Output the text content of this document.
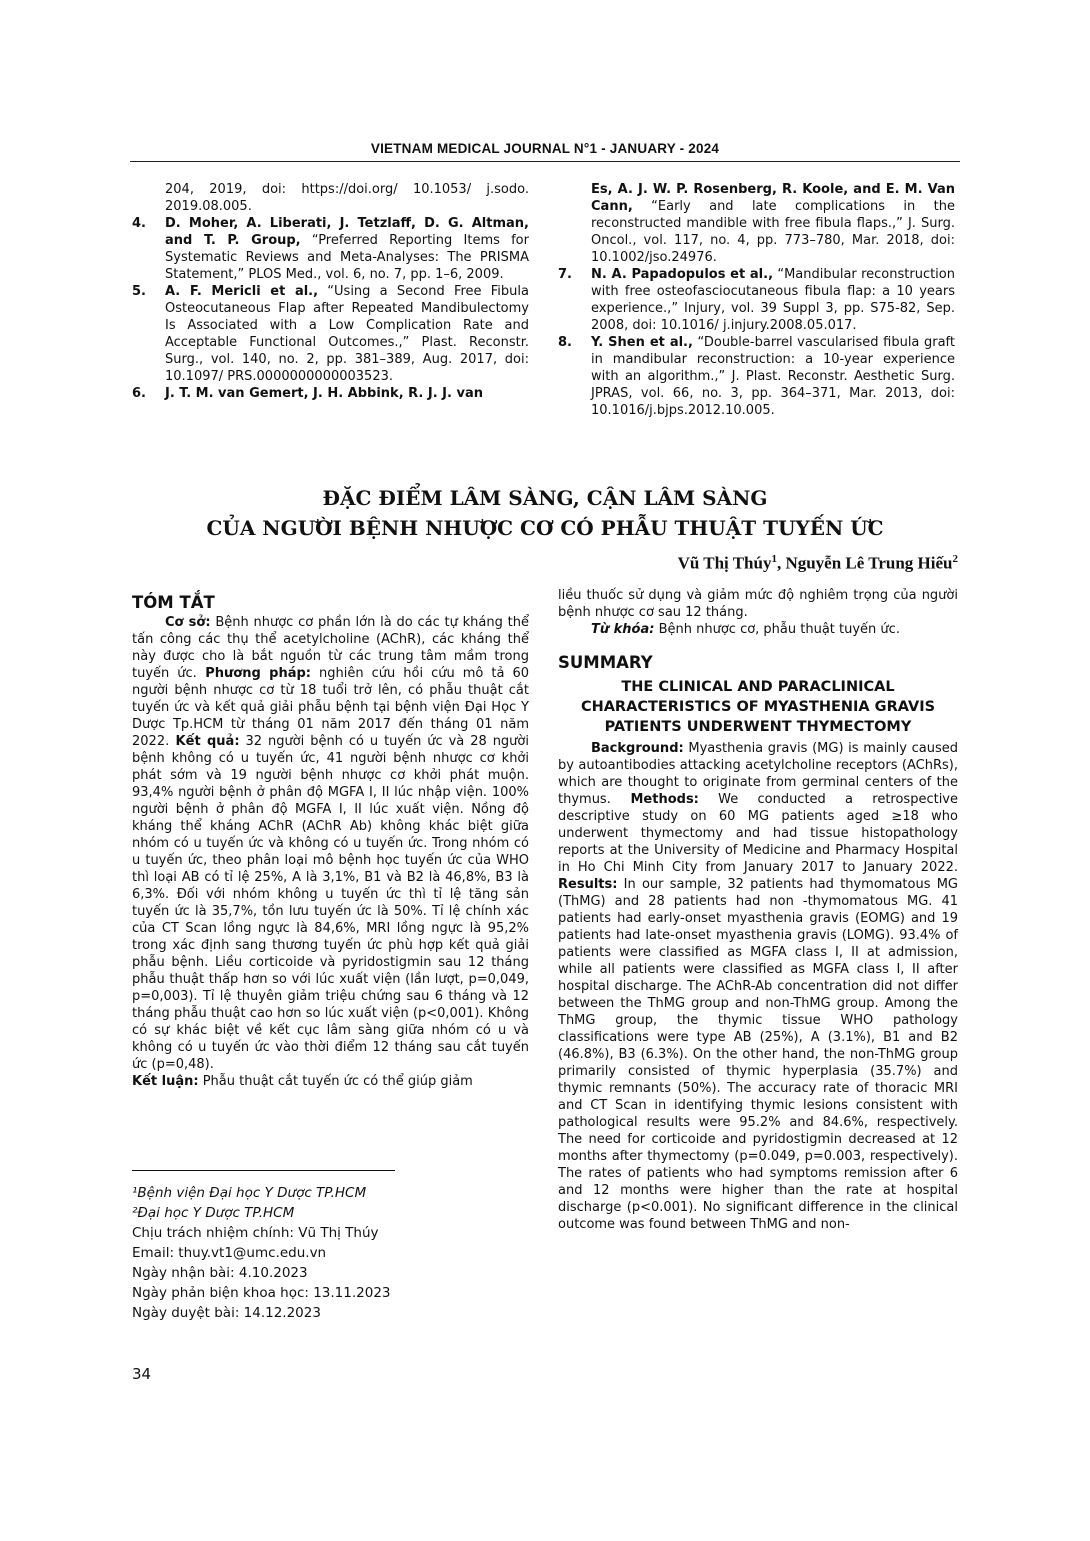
VIETNAM MEDICAL JOURNAL N°1 - JANUARY - 2024
204, 2019, doi: https://doi.org/ 10.1053/ j.sodo. 2019.08.005.
4.	D. Moher, A. Liberati, J. Tetzlaff, D. G. Altman, and T. P. Group, “Preferred Reporting Items for Systematic Reviews and Meta-Analyses: The PRISMA Statement,” PLOS Med., vol. 6, no. 7, pp. 1–6, 2009.
5.	A. F. Mericli et al., “Using a Second Free Fibula Osteocutaneous Flap after Repeated Mandibulectomy Is Associated with a Low Complication Rate and Acceptable Functional Outcomes.,” Plast. Reconstr. Surg., vol. 140, no. 2, pp. 381–389, Aug. 2017, doi: 10.1097/ PRS.0000000000003523.
6.	J. T. M. van Gemert, J. H. Abbink, R. J. J. van
Es, A. J. W. P. Rosenberg, R. Koole, and E. M. Van Cann, “Early and late complications in the reconstructed mandible with free fibula flaps.,” J. Surg. Oncol., vol. 117, no. 4, pp. 773–780, Mar. 2018, doi: 10.1002/jso.24976.
7.	N. A. Papadopulos et al., “Mandibular reconstruction with free osteofasciocutaneous fibula flap: a 10 years experience.,” Injury, vol. 39 Suppl 3, pp. S75-82, Sep. 2008, doi: 10.1016/ j.injury.2008.05.017.
8.	Y. Shen et al., “Double-barrel vascularised fibula graft in mandibular reconstruction: a 10-year experience with an algorithm.,” J. Plast. Reconstr. Aesthetic Surg. JPRAS, vol. 66, no. 3, pp. 364–371, Mar. 2013, doi: 10.1016/j.bjps.2012.10.005.
ĐẶC ĐIỂM LÂM SÀNG, CẬN LÂM SÀNG
CỦA NGƯỜI BỆNH NHƯỢC CƠ CÓ PHẪU THUẬT TUYẾN ỨC
Vũ Thị Thúy$^1$, Nguyễn Lê Trung Hiếu$^2$
TÓM TẮT
Cơ sở: Bệnh nhược cơ phần lớn là do các tự kháng thể tấn công các thụ thể acetylcholine (AChR), các kháng thể này được cho là bắt nguồn từ các trung tâm mầm trong tuyến ức. Phương pháp: nghiên cứu hồi cứu mô tả 60 người bệnh nhược cơ từ 18 tuổi trở lên, có phẫu thuật cắt tuyến ức và kết quả giải phẫu bệnh tại bệnh viện Đại Học Y Dược Tp.HCM từ tháng 01 năm 2017 đến tháng 01 năm 2022. Kết quả: 32 người bệnh có u tuyến ức và 28 người bệnh không có u tuyến ức, 41 người bệnh nhược cơ khởi phát sớm và 19 người bệnh nhược cơ khởi phát muộn. 93,4% người bệnh ở phân độ MGFA I, II lúc nhập viện. 100% người bệnh ở phân độ MGFA I, II lúc xuất viện. Nồng độ kháng thể kháng AChR (AChR Ab) không khác biệt giữa nhóm có u tuyến ức và không có u tuyến ức. Trong nhóm có u tuyến ức, theo phân loại mô bệnh học tuyến ức của WHO thì loại AB có tỉ lệ 25%, A là 3,1%, B1 và B2 là 46,8%, B3 là 6,3%. Đối với nhóm không u tuyến ức thì tỉ lệ tăng sản tuyến ức là 35,7%, tồn lưu tuyến ức là 50%. Tỉ lệ chính xác của CT Scan lồng ngực là 84,6%, MRI lồng ngực là 95,2% trong xác định sang thương tuyến ức phù hợp kết quả giải phẫu bệnh. Liều corticoide và pyridostigmin sau 12 tháng phẫu thuật thấp hơn so với lúc xuất viện (lần lượt, p=0,049, p=0,003). Tỉ lệ thuyên giảm triệu chứng sau 6 tháng và 12 tháng phẫu thuật cao hơn so lúc xuất viện (p<0,001). Không có sự khác biệt về kết cục lâm sàng giữa nhóm có u và không có u tuyến ức vào thời điểm 12 tháng sau cắt tuyến ức (p=0,48).
Kết luận: Phẫu thuật cắt tuyến ức có thể giúp giảm
liều thuốc sử dụng và giảm mức độ nghiêm trọng của người bệnh nhược cơ sau 12 tháng.
Từ khóa: Bệnh nhược cơ, phẫu thuật tuyến ức.
SUMMARY
THE CLINICAL AND PARACLINICAL CHARACTERISTICS OF MYASTHENIA GRAVIS PATIENTS UNDERWENT THYMECTOMY
Background: Myasthenia gravis (MG) is mainly caused by autoantibodies attacking acetylcholine receptors (AChRs), which are thought to originate from germinal centers of the thymus. Methods: We conducted a retrospective descriptive study on 60 MG patients aged ≥18 who underwent thymectomy and had tissue histopathology reports at the University of Medicine and Pharmacy Hospital in Ho Chi Minh City from January 2017 to January 2022. Results: In our sample, 32 patients had thymomatous MG (ThMG) and 28 patients had non -thymomatous MG. 41 patients had early-onset myasthenia gravis (EOMG) and 19 patients had late-onset myasthenia gravis (LOMG). 93.4% of patients were classified as MGFA class I, II at admission, while all patients were classified as MGFA class I, II after hospital discharge. The AChR-Ab concentration did not differ between the ThMG group and non-ThMG group. Among the ThMG group, the thymic tissue WHO pathology classifications were type AB (25%), A (3.1%), B1 and B2 (46.8%), B3 (6.3%). On the other hand, the non-ThMG group primarily consisted of thymic hyperplasia (35.7%) and thymic remnants (50%). The accuracy rate of thoracic MRI and CT Scan in identifying thymic lesions consistent with pathological results were 95.2% and 84.6%, respectively. The need for corticoide and pyridostigmin decreased at 12 months after thymectomy (p=0.049, p=0.003, respectively). The rates of patients who had symptoms remission after 6 and 12 months were higher than the rate at hospital discharge (p<0.001). No significant difference in the clinical outcome was found between ThMG and non-
¹Bệnh viện Đại học Y Dược TP.HCM
²Đại học Y Dược TP.HCM
Chịu trách nhiệm chính: Vũ Thị Thúy
Email: thuy.vt1@umc.edu.vn
Ngày nhận bài: 4.10.2023
Ngày phản biện khoa học: 13.11.2023
Ngày duyệt bài: 14.12.2023
34
